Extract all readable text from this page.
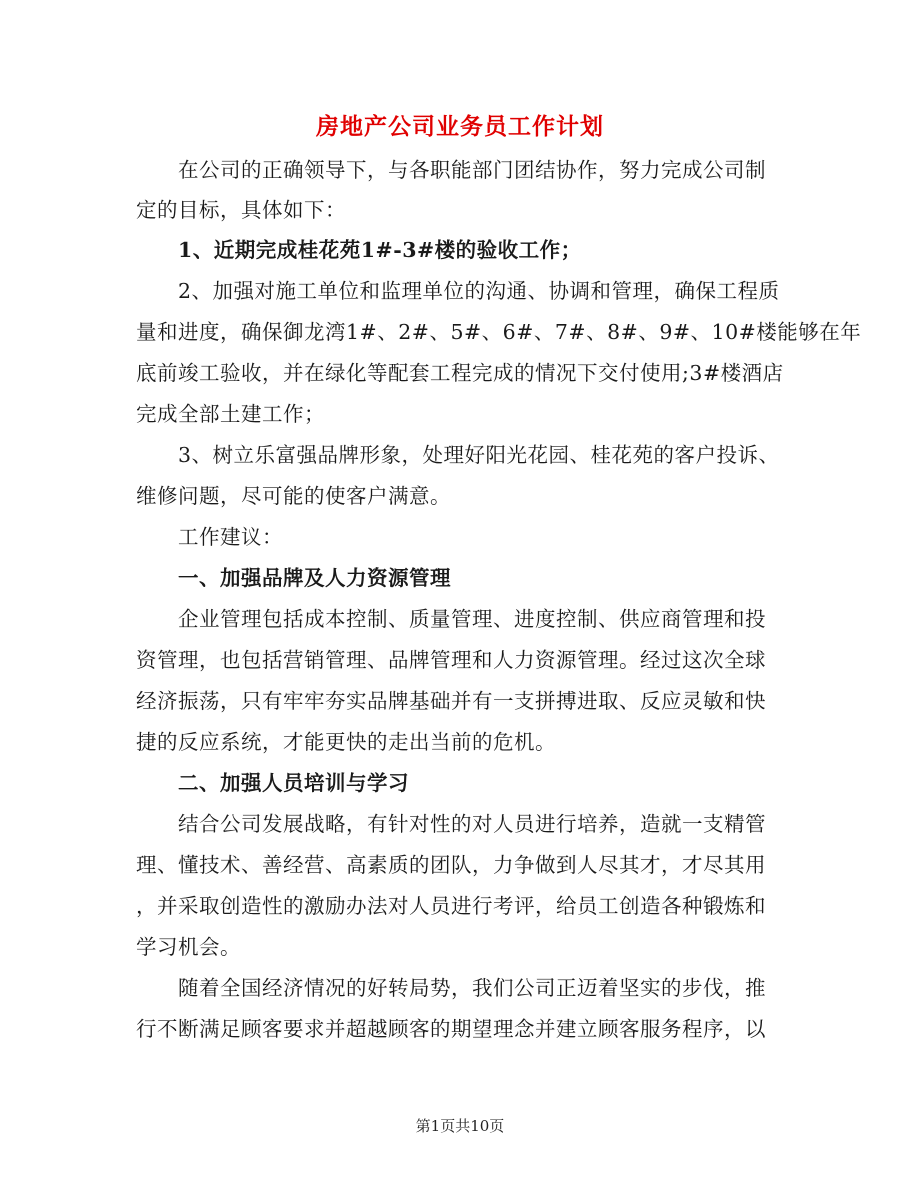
房地产公司业务员工作计划
　　在公司的正确领导下，与各职能部门团结协作，努力完成公司制
定的目标，具体如下：
　　1、近期完成桂花苑1#-3#楼的验收工作；
　　2、加强对施工单位和监理单位的沟通、协调和管理，确保工程质
量和进度，确保御龙湾1#、2#、5#、6#、7#、8#、9#、10#楼能够在年
底前竣工验收，并在绿化等配套工程完成的情况下交付使用;3#楼酒店
完成全部土建工作；
　　3、树立乐富强品牌形象，处理好阳光花园、桂花苑的客户投诉、
维修问题，尽可能的使客户满意。
　　工作建议：
　　一、加强品牌及人力资源管理
　　企业管理包括成本控制、质量管理、进度控制、供应商管理和投
资管理，也包括营销管理、品牌管理和人力资源管理。经过这次全球
经济振荡，只有牢牢夯实品牌基础并有一支拼搏进取、反应灵敏和快
捷的反应系统，才能更快的走出当前的危机。
　　二、加强人员培训与学习
　　结合公司发展战略，有针对性的对人员进行培养，造就一支精管
理、懂技术、善经营、高素质的团队，力争做到人尽其才，才尽其用
，并采取创造性的激励办法对人员进行考评，给员工创造各种锻炼和
学习机会。
　　随着全国经济情况的好转局势，我们公司正迈着坚实的步伐，推
行不断满足顾客要求并超越顾客的期望理念并建立顾客服务程序，以
第1页共10页
